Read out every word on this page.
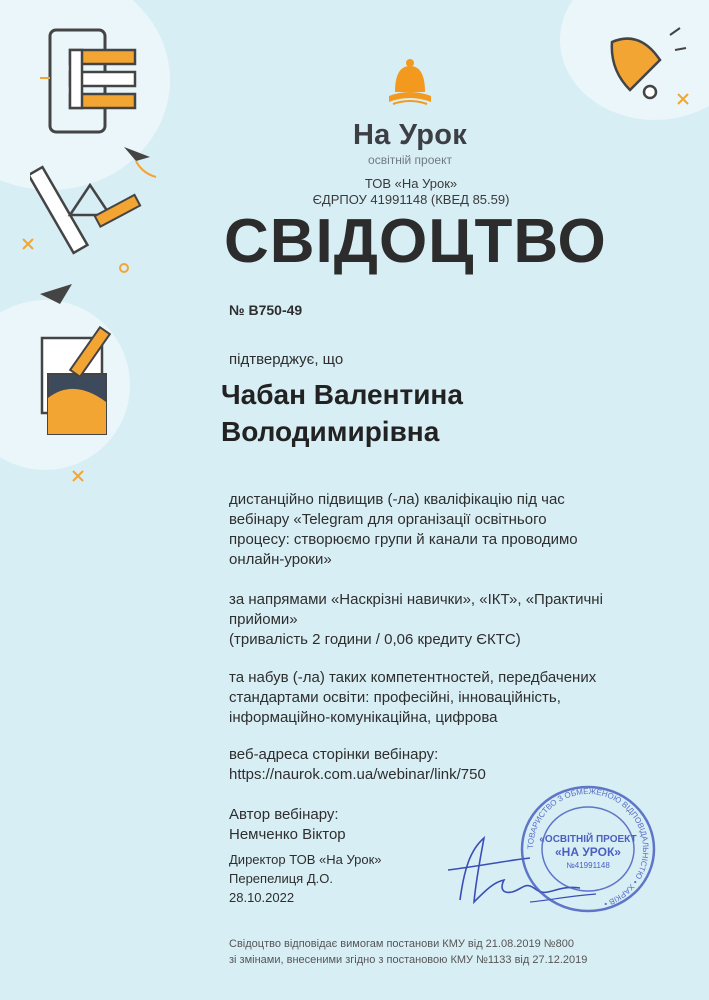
На Урок
освітній проект
ТОВ «На Урок»
ЄДРПОУ 41991148 (КВЕД 85.59)
СВІДОЦТВО
№ B750-49
підтверджує, що
Чабан Валентина
Володимирівна
дистанційно підвищив (-ла) кваліфікацію під час
вебінару «Telegram для організації освітнього
процесу: створюємо групи й канали та проводимо
онлайн-уроки»
за напрямами «Наскрізні навички», «ІКТ», «Практичні
прийоми»
(тривалість 2 години / 0,06 кредиту ЄКТС)
та набув (-ла) таких компетентностей, передбачених
стандартами освіти: професійні, інноваційність,
інформаційно-комунікаційна, цифрова
веб-адреса сторінки вебінару:
https://naurok.com.ua/webinar/link/750
Автор вебінару:
Немченко Віктор
Директор ТОВ «На Урок»
Перепелиця Д.О.
28.10.2022
ТОВАРИСТВО З ОБМЕЖЕНОЮ ВІДПОВІДАЛЬНІСТЮ • ХАРКІВ •
«ОСВІТНІЙ ПРОЕКТ
«НА УРОК»
№41991148
Свідоцтво відповідає вимогам постанови КМУ від 21.08.2019 №800
зі змінами, внесеними згідно з постановою КМУ №1133 від 27.12.2019
